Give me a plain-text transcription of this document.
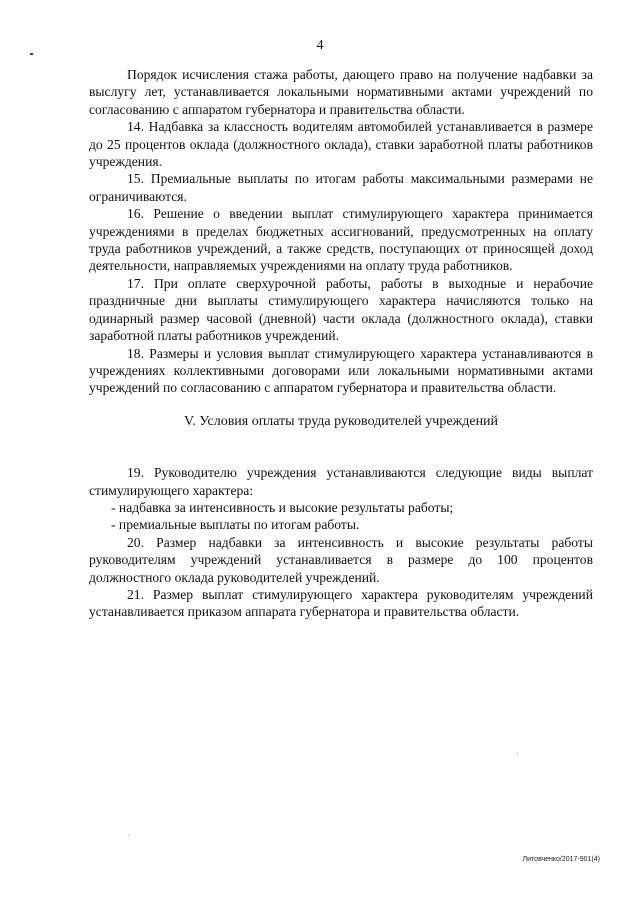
4

Порядок исчисления стажа работы, дающего право на получение надбавки за выслугу лет, устанавливается локальными нормативными актами учреждений по согласованию с аппаратом губернатора и правительства области.

14. Надбавка за классность водителям автомобилей устанавливается в размере до 25 процентов оклада (должностного оклада), ставки заработной платы работников учреждения.

15. Премиальные выплаты по итогам работы максимальными размерами не ограничиваются.

16. Решение о введении выплат стимулирующего характера принимается учреждениями в пределах бюджетных ассигнований, предусмотренных на оплату труда работников учреждений, а также средств, поступающих от приносящей доход деятельности, направляемых учреждениями на оплату труда работников.

17. При оплате сверхурочной работы, работы в выходные и нерабочие праздничные дни выплаты стимулирующего характера начисляются только на одинарный размер часовой (дневной) части оклада (должностного оклада), ставки заработной платы работников учреждений.

18. Размеры и условия выплат стимулирующего характера устанавливаются в учреждениях коллективными договорами или локальными нормативными актами учреждений по согласованию с аппаратом губернатора и правительства области.

V. Условия оплаты труда руководителей учреждений

19. Руководителю учреждения устанавливаются следующие виды выплат стимулирующего характера:

- надбавка за интенсивность и высокие результаты работы;

- премиальные выплаты по итогам работы.

20. Размер надбавки за интенсивность и высокие результаты работы руководителям учреждений устанавливается в размере до 100 процентов должностного оклада руководителей учреждений.

21. Размер выплат стимулирующего характера руководителям учреждений устанавливается приказом аппарата губернатора и правительства области.

Литовченко/2017-901(4)
